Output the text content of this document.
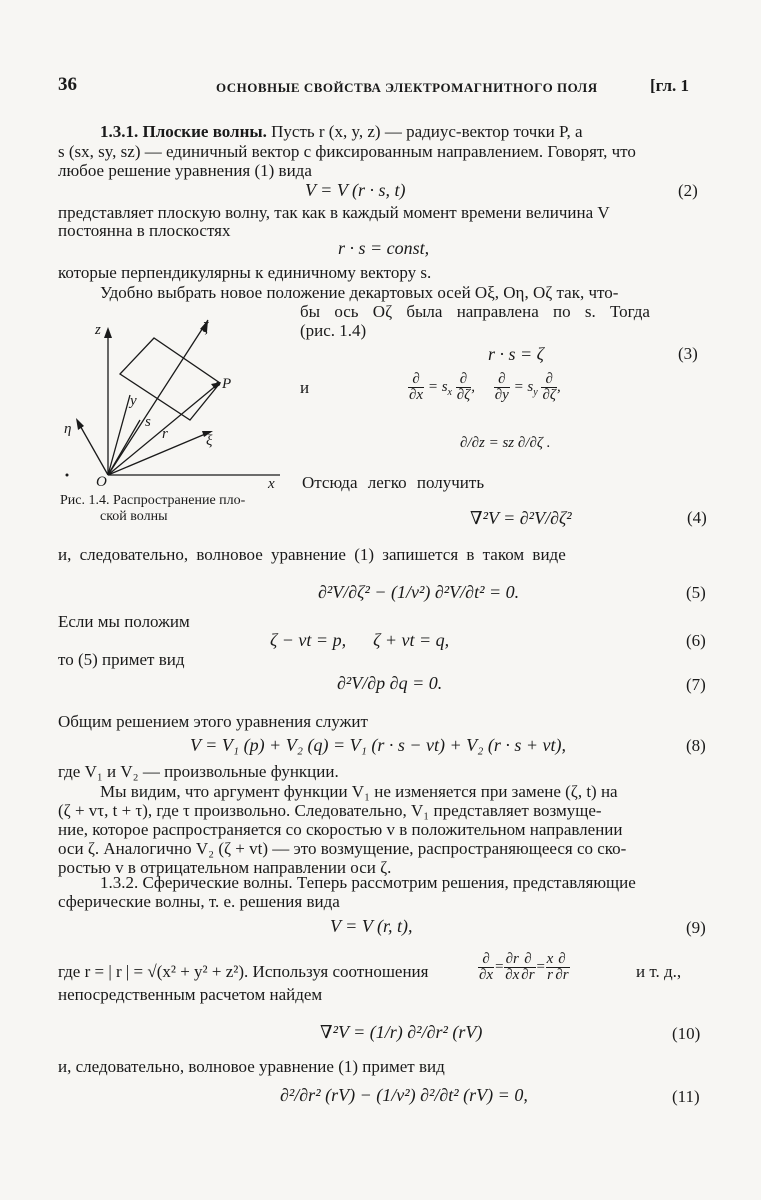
36	ОСНОВНЫЕ СВОЙСТВА ЭЛЕКТРОМАГНИТНОГО ПОЛЯ	[гл. 1
1.3.1. Плоские волны. Пусть r (x, y, z) — радиус-вектор точки P, а
s (sx, sy, sz) — единичный вектор с фиксированным направлением. Говорят, что
любое решение уравнения (1) вида
V = V (r · s, t)	(2)
представляет плоскую волну, так как в каждый момент времени величина V
постоянна в плоскостях
r · s = const,
которые перпендикулярны к единичному вектору s.
Удобно выбрать новое положение декартовых осей Oξ, Oη, Oζ так, что-
бы ось Oζ была направлена по s. Тогда
(рис. 1.4)
z	ζ
y
s
r
P
η
ξ
O	x
Рис. 1.4. Распространение пло-
ской волны
r · s = ζ	(3)
и	$\frac{\partial}{\partial x} = s_x \frac{\partial}{\partial\zeta}$ , $\frac{\partial}{\partial y} = s_y \frac{\partial}{\partial\zeta}$ ,
∂/∂z = sz ∂/∂ζ .
Отсюда легко получить
∇²V = ∂²V/∂ζ²	(4)
и, следовательно, волновое уравнение (1) запишется в таком виде
∂²V/∂ζ² − (1/v²) ∂²V/∂t² = 0.	(5)
Если мы положим
ζ − vt = p,      ζ + vt = q,	(6)
то (5) примет вид
∂²V/∂p ∂q = 0.	(7)
Общим решением этого уравнения служит
V = V₁ (p) + V₂ (q) = V₁ (r · s − vt) + V₂ (r · s + vt),	(8)
где V₁ и V₂ — произвольные функции.
Мы видим, что аргумент функции V₁ не изменяется при замене (ζ, t) на
(ζ + vτ, t + τ), где τ произвольно. Следовательно, V₁ представляет возмуще-
ние, которое распространяется со скоростью v в положительном направлении
оси ζ. Аналогично V₂ (ζ + vt) — это возмущение, распространяющееся со ско-
ростью v в отрицательном направлении оси ζ.
1.3.2. Сферические волны. Теперь рассмотрим решения, представляющие
сферические волны, т. е. решения вида
V = V (r, t),	(9)
где r = | r | = √(x² + y² + z²). Используя соотношения	$\frac{\partial}{\partial x} = \frac{\partial r}{\partial x} \frac{\partial}{\partial r} = \frac{x}{r} \frac{\partial}{\partial r}$	и т. д.,
непосредственным расчетом найдем
∇²V = (1/r) ∂²/∂r² (rV)	(10)
и, следовательно, волновое уравнение (1) примет вид
∂²/∂r² (rV) − (1/v²) ∂²/∂t² (rV) = 0,	(11)
